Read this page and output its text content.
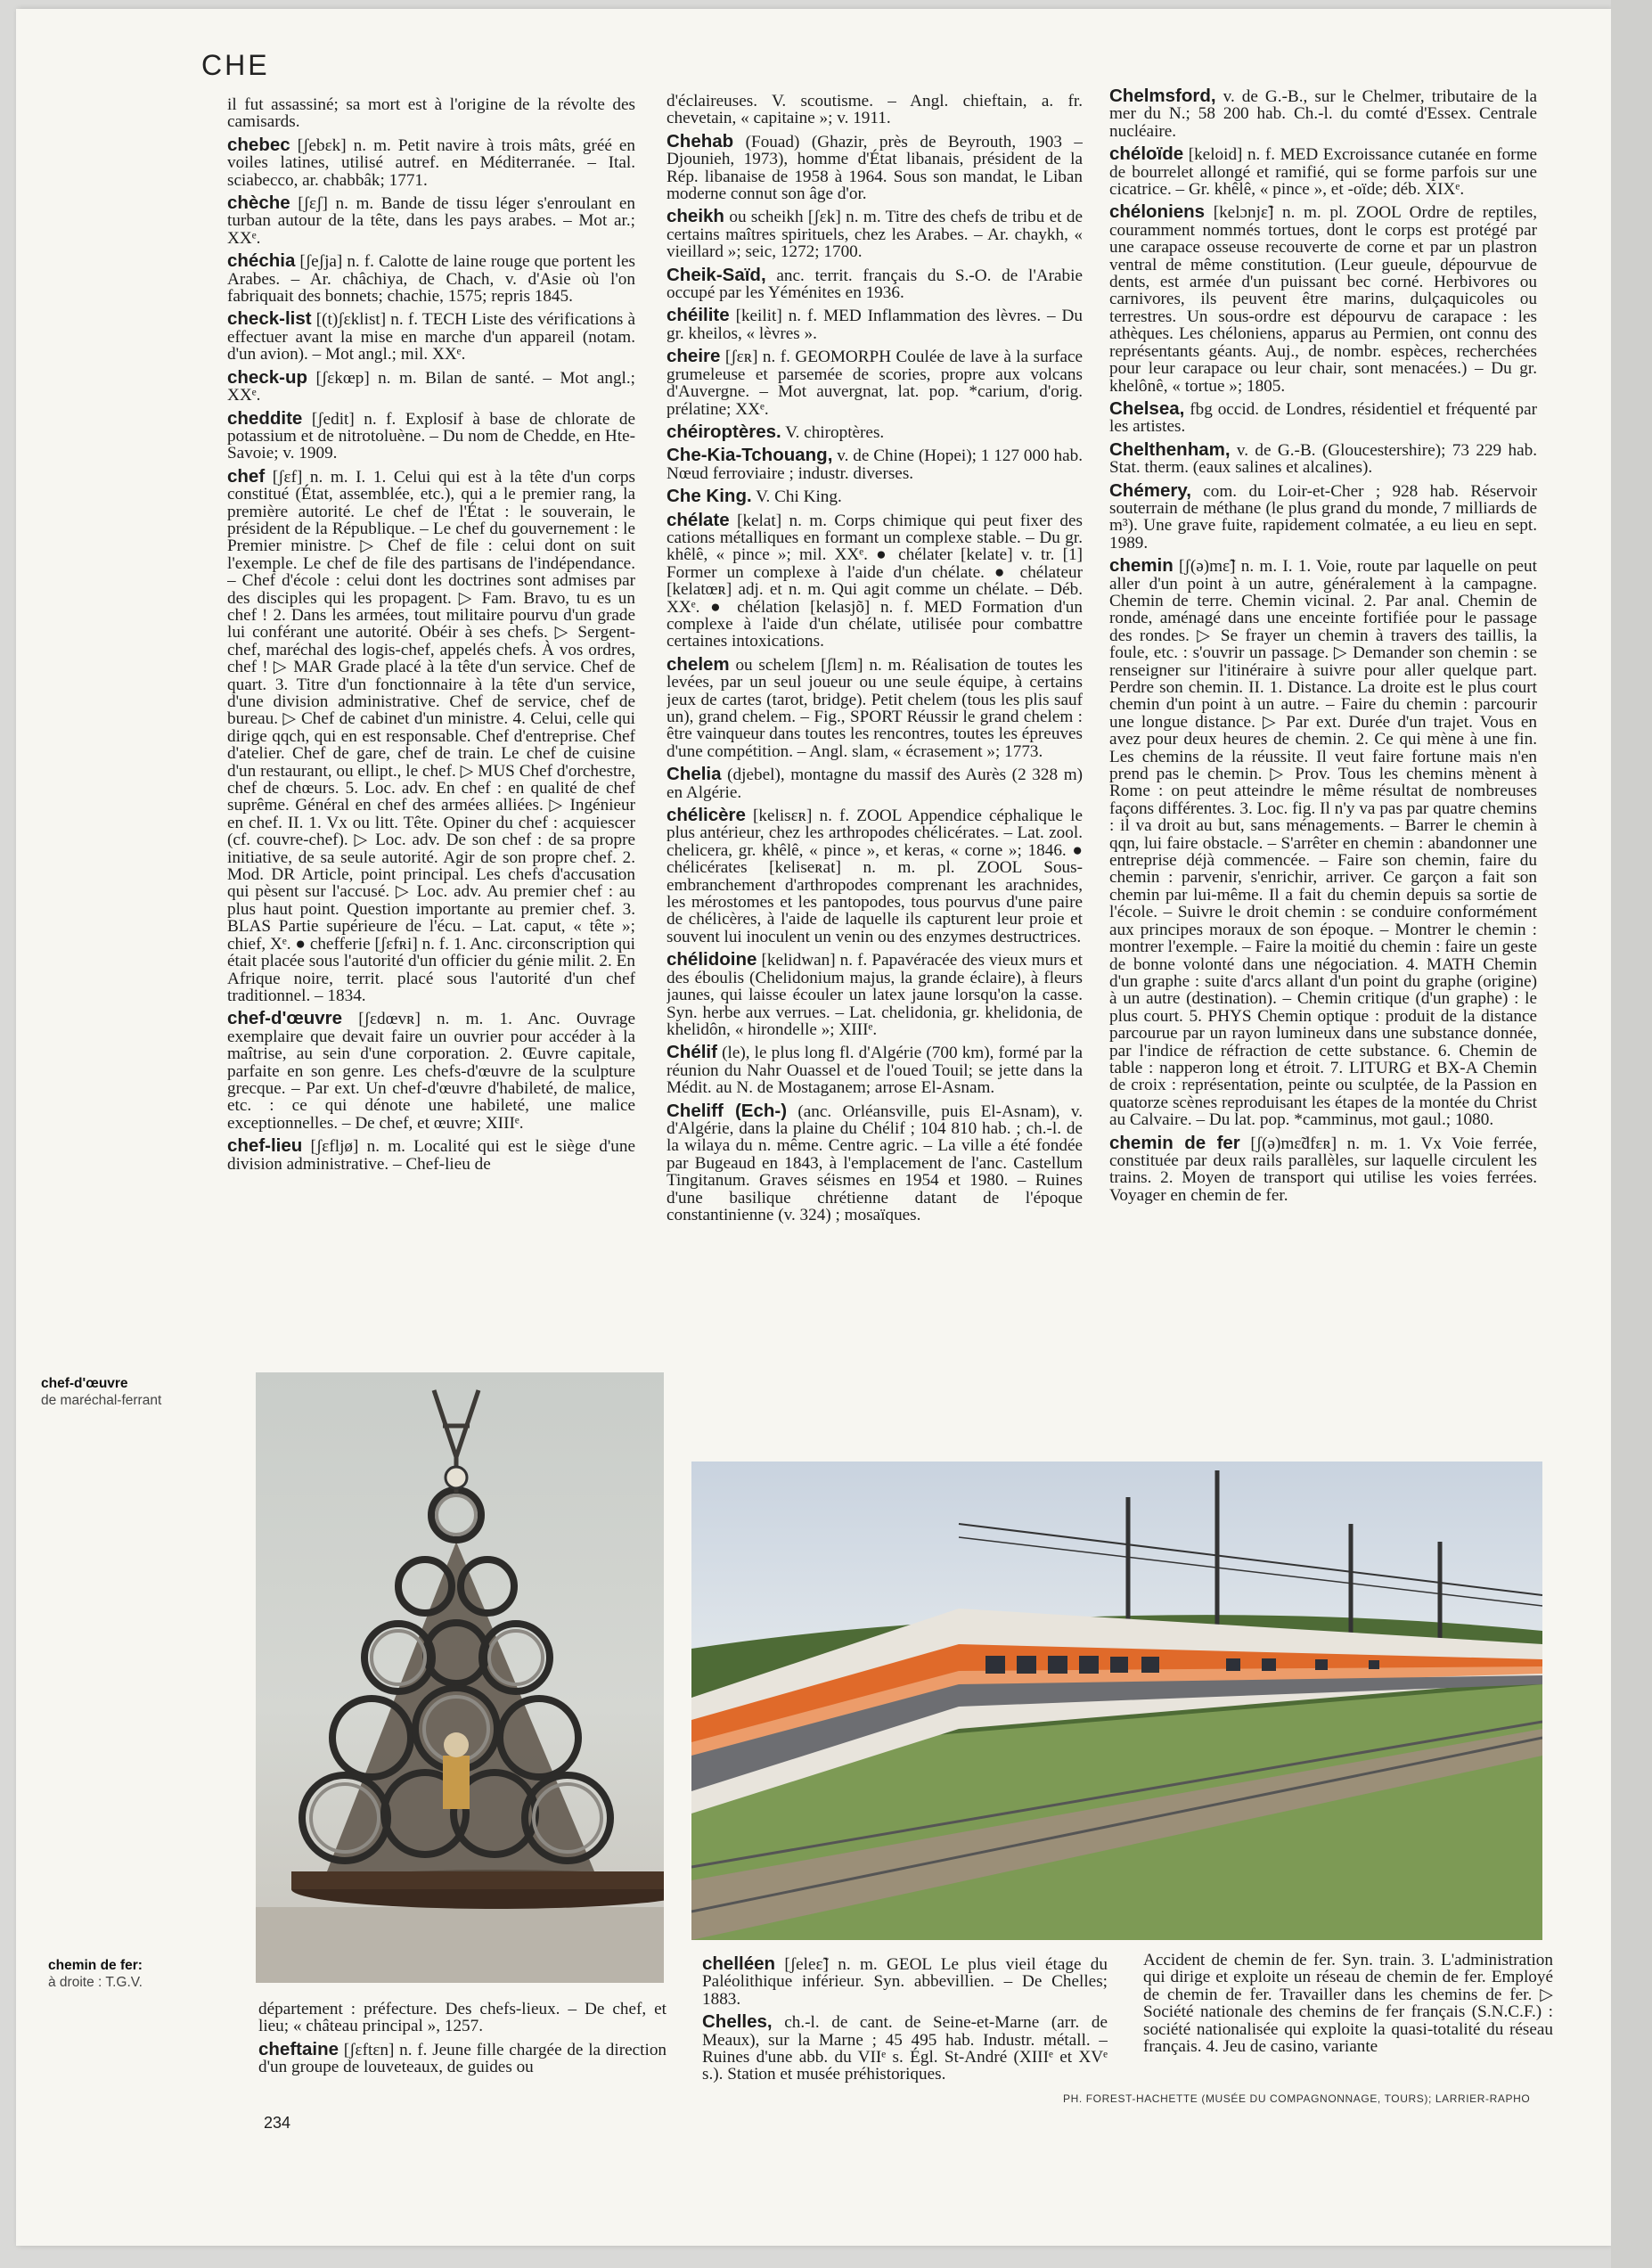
CHE
il fut assassiné; sa mort est à l'origine de la révolte des camisards.
chebec [ʃebɛk] n. m. Petit navire à trois mâts, gréé en voiles latines, utilisé autref. en Méditerranée. – Ital. sciabecco, ar. chabbâk; 1771.
chèche [ʃɛʃ] n. m. Bande de tissu léger s'enroulant en turban autour de la tête, dans les pays arabes. – Mot ar.; XXᵉ.
chéchia [ʃeʃja] n. f. Calotte de laine rouge que portent les Arabes. – Ar. châchiya, de Chach, v. d'Asie où l'on fabriquait des bonnets; chachie, 1575; repris 1845.
check-list [(t)ʃɛklist] n. f. TECH Liste des vérifications à effectuer avant la mise en marche d'un appareil (notam. d'un avion). – Mot angl.; mil. XXᵉ.
check-up [ʃɛkœp] n. m. Bilan de santé. – Mot angl.; XXᵉ.
cheddite [ʃedit] n. f. Explosif à base de chlorate de potassium et de nitrotoluène. – Du nom de Chedde, en Hte-Savoie; v. 1909.
chef [ʃɛf] n. m. I. 1. Celui qui est à la tête d'un corps constitué (État, assemblée, etc.), qui a le premier rang, la première autorité. Le chef de l'État : le souverain, le président de la République. – Le chef du gouvernement : le Premier ministre. ▷ Chef de file : celui dont on suit l'exemple. Le chef de file des partisans de l'indépendance. – Chef d'école : celui dont les doctrines sont admises par des disciples qui les propagent. ▷ Fam. Bravo, tu es un chef ! 2. Dans les armées, tout militaire pourvu d'un grade lui conférant une autorité. Obéir à ses chefs. ▷ Sergent-chef, maréchal des logis-chef, appelés chefs. À vos ordres, chef ! ▷ MAR Grade placé à la tête d'un service. Chef de quart. 3. Titre d'un fonctionnaire à la tête d'un service, d'une division administrative. Chef de service, chef de bureau. ▷ Chef de cabinet d'un ministre. 4. Celui, celle qui dirige qqch, qui en est responsable. Chef d'entreprise. Chef d'atelier. Chef de gare, chef de train. Le chef de cuisine d'un restaurant, ou ellipt., le chef. ▷ MUS Chef d'orchestre, chef de chœurs. 5. Loc. adv. En chef : en qualité de chef suprême. Général en chef des armées alliées. ▷ Ingénieur en chef. II. 1. Vx ou litt. Tête. Opiner du chef : acquiescer (cf. couvre-chef). ▷ Loc. adv. De son chef : de sa propre initiative, de sa seule autorité. Agir de son propre chef. 2. Mod. DR Article, point principal. Les chefs d'accusation qui pèsent sur l'accusé. ▷ Loc. adv. Au premier chef : au plus haut point. Question importante au premier chef. 3. BLAS Partie supérieure de l'écu. – Lat. caput, « tête »; chief, Xᵉ. ● chefferie [ʃɛfʀi] n. f. 1. Anc. circonscription qui était placée sous l'autorité d'un officier du génie milit. 2. En Afrique noire, territ. placé sous l'autorité d'un chef traditionnel. – 1834.
chef-d'œuvre [ʃɛdœvʀ] n. m. 1. Anc. Ouvrage exemplaire que devait faire un ouvrier pour accéder à la maîtrise, au sein d'une corporation. 2. Œuvre capitale, parfaite en son genre. Les chefs-d'œuvre de la sculpture grecque. – Par ext. Un chef-d'œuvre d'habileté, de malice, etc. : ce qui dénote une habileté, une malice exceptionnelles. – De chef, et œuvre; XIIIᵉ.
chef-lieu [ʃɛfljø] n. m. Localité qui est le siège d'une division administrative. – Chef-lieu de
d'éclaireuses. V. scoutisme. – Angl. chieftain, a. fr. chevetain, « capitaine »; v. 1911.
Chehab (Fouad) (Ghazir, près de Beyrouth, 1903 – Djounieh, 1973), homme d'État libanais, président de la Rép. libanaise de 1958 à 1964. Sous son mandat, le Liban moderne connut son âge d'or.
cheikh ou scheikh [ʃɛk] n. m. Titre des chefs de tribu et de certains maîtres spirituels, chez les Arabes. – Ar. chaykh, « vieillard »; seic, 1272; 1700.
Cheik-Saïd, anc. territ. français du S.-O. de l'Arabie occupé par les Yéménites en 1936.
chéilite [keilit] n. f. MED Inflammation des lèvres. – Du gr. kheilos, « lèvres ».
cheire [ʃɛʀ] n. f. GEOMORPH Coulée de lave à la surface grumeleuse et parsemée de scories, propre aux volcans d'Auvergne. – Mot auvergnat, lat. pop. *carium, d'orig. prélatine; XXᵉ.
chéiroptères. V. chiroptères.
Che-Kia-Tchouang, v. de Chine (Hopei); 1 127 000 hab. Nœud ferroviaire ; industr. diverses.
Che King. V. Chi King.
chélate [kelat] n. m. Corps chimique qui peut fixer des cations métalliques en formant un complexe stable. – Du gr. khêlê, « pince »; mil. XXᵉ. ● chélater [kelate] v. tr. [1] Former un complexe à l'aide d'un chélate. ● chélateur [kelatœʀ] adj. et n. m. Qui agit comme un chélate. – Déb. XXᵉ. ● chélation [kelasjõ] n. f. MED Formation d'un complexe à l'aide d'un chélate, utilisée pour combattre certaines intoxications.
chelem ou schelem [ʃlɛm] n. m. Réalisation de toutes les levées, par un seul joueur ou une seule équipe, à certains jeux de cartes (tarot, bridge). Petit chelem (tous les plis sauf un), grand chelem. – Fig., SPORT Réussir le grand chelem : être vainqueur dans toutes les rencontres, toutes les épreuves d'une compétition. – Angl. slam, « écrasement »; 1773.
Chelia (djebel), montagne du massif des Aurès (2 328 m) en Algérie.
chélicère [kelisɛʀ] n. f. ZOOL Appendice céphalique le plus antérieur, chez les arthropodes chélicérates. – Lat. zool. chelicera, gr. khêlê, « pince », et keras, « corne »; 1846. ● chélicérates [keliseʀat] n. m. pl. ZOOL Sous-embranchement d'arthropodes comprenant les arachnides, les mérostomes et les pantopodes, tous pourvus d'une paire de chélicères, à l'aide de laquelle ils capturent leur proie et souvent lui inoculent un venin ou des enzymes destructrices.
chélidoine [kelidwan] n. f. Papavéracée des vieux murs et des éboulis (Chelidonium majus, la grande éclaire), à fleurs jaunes, qui laisse écouler un latex jaune lorsqu'on la casse. Syn. herbe aux verrues. – Lat. chelidonia, gr. khelidonia, de khelidôn, « hirondelle »; XIIIᵉ.
Chélif (le), le plus long fl. d'Algérie (700 km), formé par la réunion du Nahr Ouassel et de l'oued Touil; se jette dans la Médit. au N. de Mostaganem; arrose El-Asnam.
Cheliff (Ech-) (anc. Orléansville, puis El-Asnam), v. d'Algérie, dans la plaine du Chélif ; 104 810 hab. ; ch.-l. de la wilaya du n. même. Centre agric. – La ville a été fondée par Bugeaud en 1843, à l'emplacement de l'anc. Castellum Tingitanum. Graves séismes en 1954 et 1980. – Ruines d'une basilique chrétienne datant de l'époque constantinienne (v. 324) ; mosaïques.
Chelmsford, v. de G.-B., sur le Chelmer, tributaire de la mer du N.; 58 200 hab. Ch.-l. du comté d'Essex. Centrale nucléaire.
chéloïde [keloid] n. f. MED Excroissance cutanée en forme de bourrelet allongé et ramifié, qui se forme parfois sur une cicatrice. – Gr. khêlê, « pince », et -oïde; déb. XIXᵉ.
chéloniens [kelɔnjɛ̃] n. m. pl. ZOOL Ordre de reptiles, couramment nommés tortues, dont le corps est protégé par une carapace osseuse recouverte de corne et par un plastron ventral de même constitution. (Leur gueule, dépourvue de dents, est armée d'un puissant bec corné. Herbivores ou carnivores, ils peuvent être marins, dulçaquicoles ou terrestres. Un sous-ordre est dépourvu de carapace : les athèques. Les chéloniens, apparus au Permien, ont connu des représentants géants. Auj., de nombr. espèces, recherchées pour leur carapace ou leur chair, sont menacées.) – Du gr. khelônê, « tortue »; 1805.
Chelsea, fbg occid. de Londres, résidentiel et fréquenté par les artistes.
Chelthenham, v. de G.-B. (Gloucestershire); 73 229 hab. Stat. therm. (eaux salines et alcalines).
Chémery, com. du Loir-et-Cher ; 928 hab. Réservoir souterrain de méthane (le plus grand du monde, 7 milliards de m³). Une grave fuite, rapidement colmatée, a eu lieu en sept. 1989.
chemin [ʃ(ə)mɛ̃] n. m. I. 1. Voie, route par laquelle on peut aller d'un point à un autre, généralement à la campagne. Chemin de terre. Chemin vicinal. 2. Par anal. Chemin de ronde, aménagé dans une enceinte fortifiée pour le passage des rondes. ▷ Se frayer un chemin à travers des taillis, la foule, etc. : s'ouvrir un passage. ▷ Demander son chemin : se renseigner sur l'itinéraire à suivre pour aller quelque part. Perdre son chemin. II. 1. Distance. La droite est le plus court chemin d'un point à un autre. – Faire du chemin : parcourir une longue distance. ▷ Par ext. Durée d'un trajet. Vous en avez pour deux heures de chemin. 2. Ce qui mène à une fin. Les chemins de la réussite. Il veut faire fortune mais n'en prend pas le chemin. ▷ Prov. Tous les chemins mènent à Rome : on peut atteindre le même résultat de nombreuses façons différentes. 3. Loc. fig. Il n'y va pas par quatre chemins : il va droit au but, sans ménagements. – Barrer le chemin à qqn, lui faire obstacle. – S'arrêter en chemin : abandonner une entreprise déjà commencée. – Faire son chemin, faire du chemin : parvenir, s'enrichir, arriver. Ce garçon a fait son chemin par lui-même. Il a fait du chemin depuis sa sortie de l'école. – Suivre le droit chemin : se conduire conformément aux principes moraux de son époque. – Montrer le chemin : montrer l'exemple. – Faire la moitié du chemin : faire un geste de bonne volonté dans une négociation. 4. MATH Chemin d'un graphe : suite d'arcs allant d'un point du graphe (origine) à un autre (destination). – Chemin critique (d'un graphe) : le plus court. 5. PHYS Chemin optique : produit de la distance parcourue par un rayon lumineux dans une substance donnée, par l'indice de réfraction de cette substance. 6. Chemin de table : napperon long et étroit. 7. LITURG et BX-A Chemin de croix : représentation, peinte ou sculptée, de la Passion en quatorze scènes reproduisant les étapes de la montée du Christ au Calvaire. – Du lat. pop. *camminus, mot gaul.; 1080.
chemin de fer [ʃ(ə)mɛ̃dfɛʀ] n. m. 1. Vx Voie ferrée, constituée par deux rails parallèles, sur laquelle circulent les trains. 2. Moyen de transport qui utilise les voies ferrées. Voyager en chemin de fer.
chef-d'œuvre
de maréchal-ferrant
chemin de fer:
à droite : T.G.V.
département : préfecture. Des chefs-lieux. – De chef, et lieu; « château principal », 1257.
cheftaine [ʃɛftɛn] n. f. Jeune fille chargée de la direction d'un groupe de louveteaux, de guides ou
chelléen [ʃeleɛ̃] n. m. GEOL Le plus vieil étage du Paléolithique inférieur. Syn. abbevillien. – De Chelles; 1883.
Chelles, ch.-l. de cant. de Seine-et-Marne (arr. de Meaux), sur la Marne ; 45 495 hab. Industr. métall. – Ruines d'une abb. du VIIᵉ s. Égl. St-André (XIIIᵉ et XVᵉ s.). Station et musée préhistoriques.
Accident de chemin de fer. Syn. train. 3. L'administration qui dirige et exploite un réseau de chemin de fer. Employé de chemin de fer. Travailler dans les chemins de fer. ▷ Société nationale des chemins de fer français (S.N.C.F.) : société nationalisée qui exploite la quasi-totalité du réseau français. 4. Jeu de casino, variante
234
PH. FOREST-HACHETTE (MUSÉE DU COMPAGNONNAGE, TOURS); LARRIER-RAPHO
